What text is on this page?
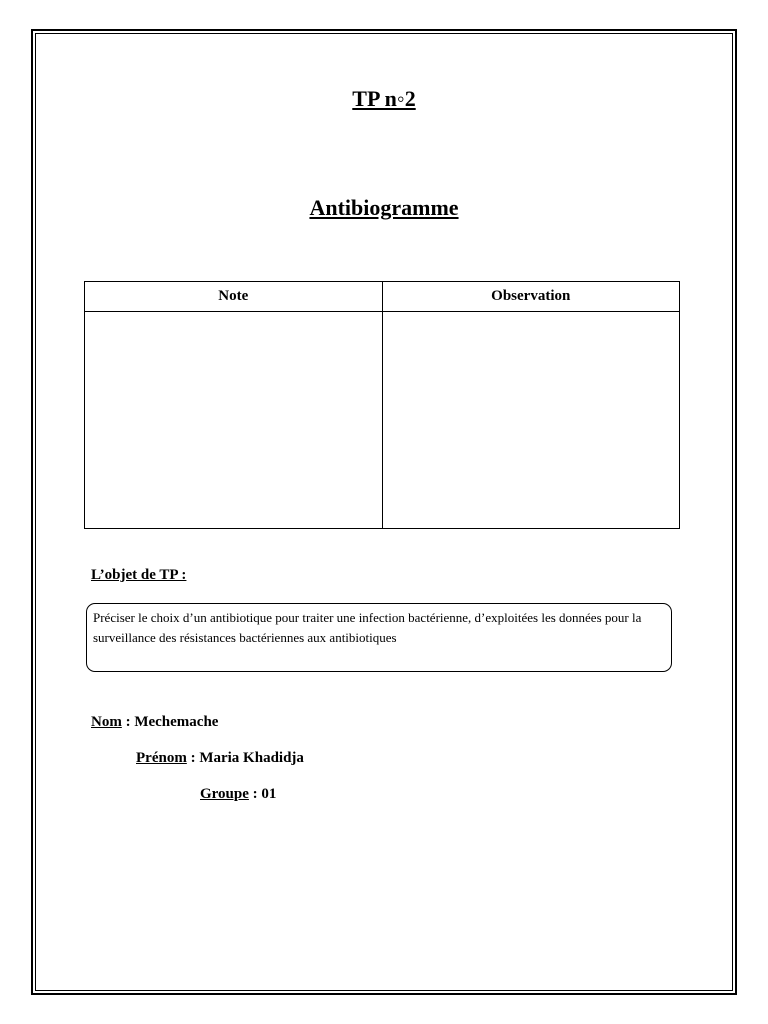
TP n◦2
Antibiogramme
Note	Observation

L’objet de TP :
Préciser le choix d’un antibiotique pour traiter une infection bactérienne, d’exploitées les données pour la surveillance des résistances bactériennes aux antibiotiques
Nom : Mechemache
Prénom : Maria Khadidja
Groupe : 01
